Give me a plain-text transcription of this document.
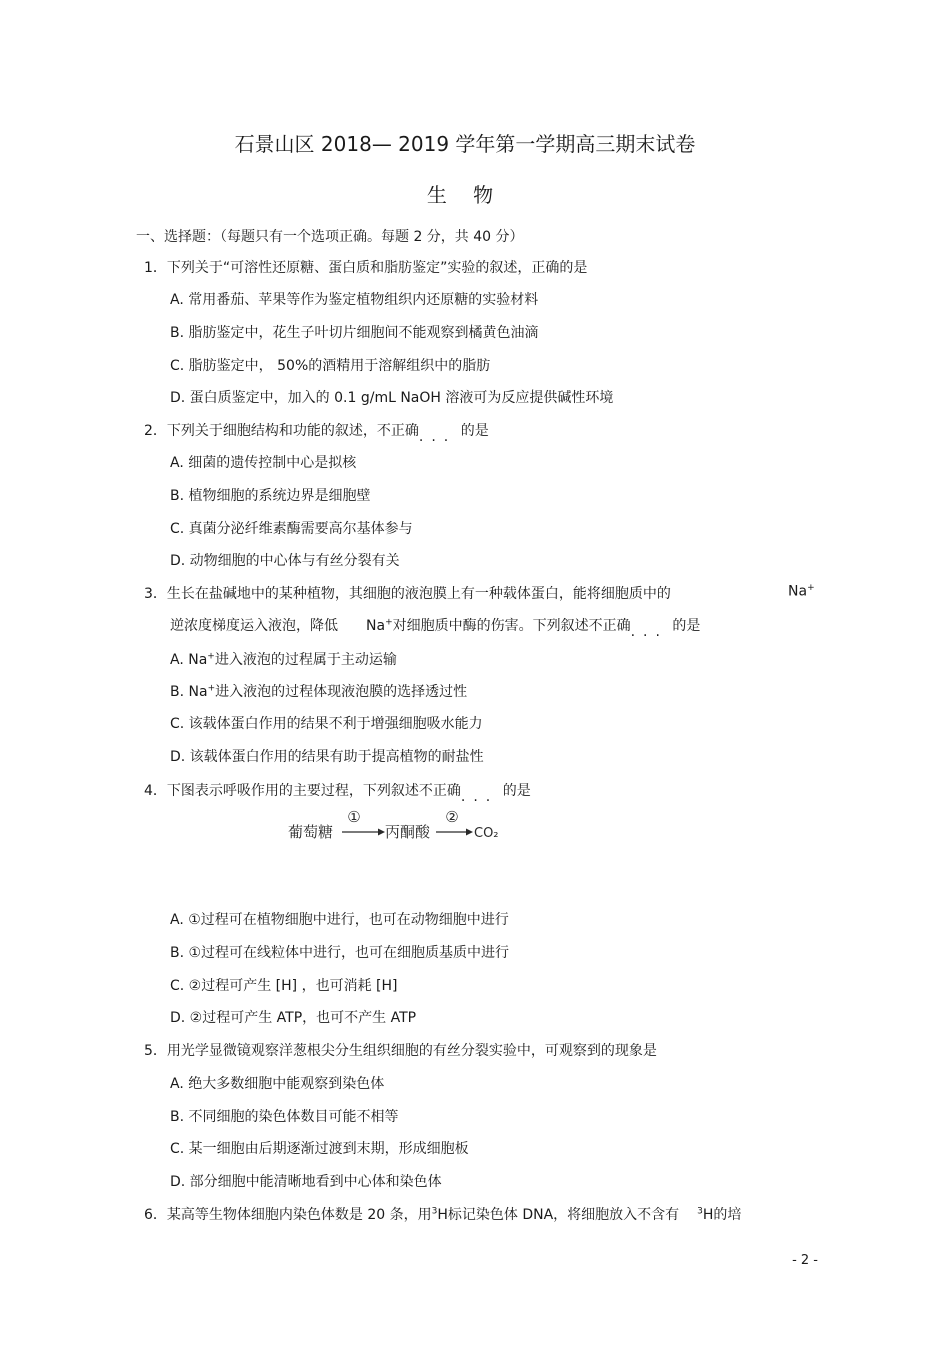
石景山区 2018— 2019 学年第一学期高三期末试卷
生 物
一、选择题：（每题只有一个选项正确。每题 2 分，共 40 分）
1．下列关于“可溶性还原糖、蛋白质和脂肪鉴定”实验的叙述，正确的是
A. 常用番茄、苹果等作为鉴定植物组织内还原糖的实验材料
B. 脂肪鉴定中，花生子叶切片细胞间不能观察到橘黄色油滴
C. 脂肪鉴定中， 50%的酒精用于溶解组织中的脂肪
D. 蛋白质鉴定中，加入的 0.1 g/mL NaOH 溶液可为反应提供碱性环境
2．下列关于细胞结构和功能的叙述，不正确... 的是
A. 细菌的遗传控制中心是拟核
B. 植物细胞的系统边界是细胞壁
C. 真菌分泌纤维素酶需要高尔基体参与
D. 动物细胞的中心体与有丝分裂有关
3．生长在盐碱地中的某种植物，其细胞的液泡膜上有一种载体蛋白，能将细胞质中的	Na+
逆浓度梯度运入液泡，降低 Na+对细胞质中酶的伤害。下列叙述不正确... 的是
A. Na+进入液泡的过程属于主动运输
B. Na+进入液泡的过程体现液泡膜的选择透过性
C. 该载体蛋白作用的结果不利于增强细胞吸水能力
D. 该载体蛋白作用的结果有助于提高植物的耐盐性
4．下图表示呼吸作用的主要过程，下列叙述不正确... 的是
葡萄糖
①
丙酮酸
②
CO₂
A. ①过程可在植物细胞中进行，也可在动物细胞中进行
B. ①过程可在线粒体中进行，也可在细胞质基质中进行
C. ②过程可产生 [H] ，也可消耗 [H]
D. ②过程可产生 ATP，也可不产生 ATP
5．用光学显微镜观察洋葱根尖分生组织细胞的有丝分裂实验中，可观察到的现象是
A. 绝大多数细胞中能观察到染色体
B. 不同细胞的染色体数目可能不相等
C. 某一细胞由后期逐渐过渡到末期，形成细胞板
D. 部分细胞中能清晰地看到中心体和染色体
6．某高等生物体细胞内染色体数是 20 条，用$^3$H标记染色体 DNA，将细胞放入不含有 $^3$H的培
- 2 -
